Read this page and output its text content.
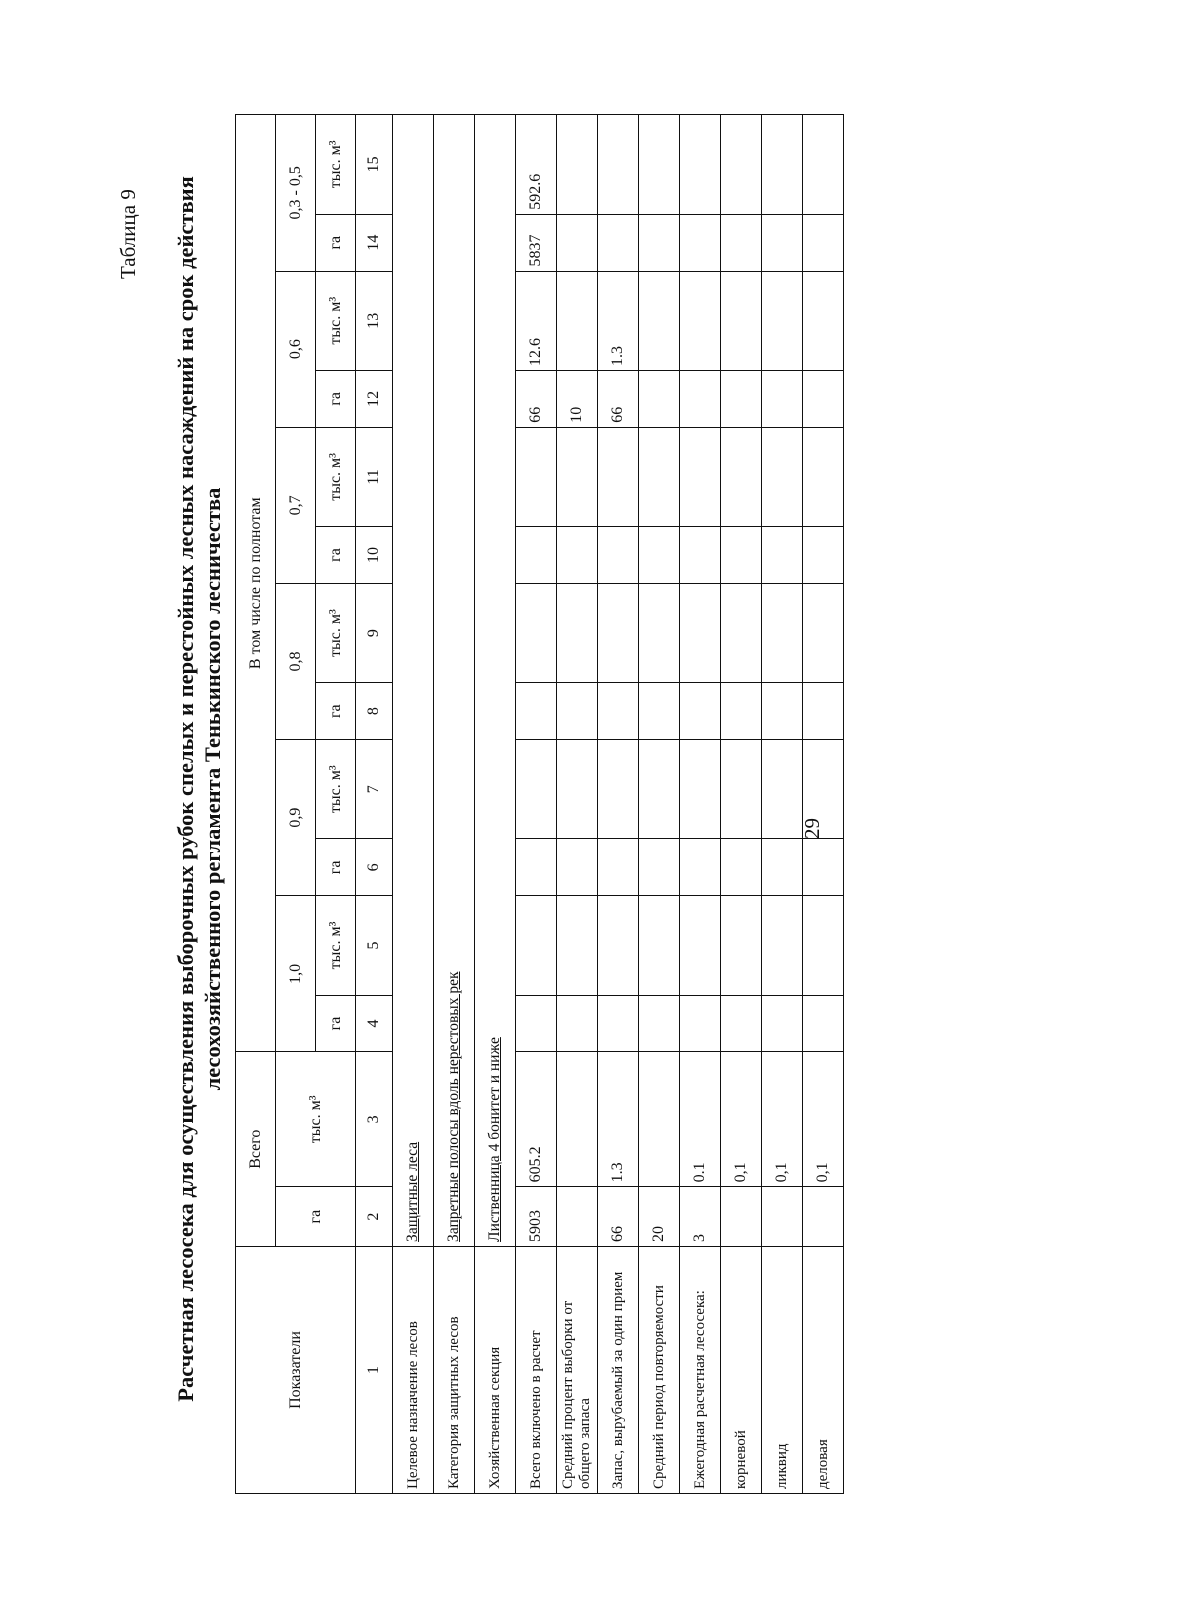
Таблица 9 Расчетная лесосека для осуществления выборочных рубок спелых и перестойных лесных насаждений на срок действия лесохозяйственного регламента Тенькинского лесничества
Показатели	Всего		В том числе по полнотам											
	га	тыс. м³	1,0		0,9		0,8		0,7		0,6		0,3 - 0,5	
			га	тыс. м³	га	тыс. м³	га	тыс. м³	га	тыс. м³	га	тыс. м³	га	тыс. м³
1	2	3	4	5	6	7	8	9	10	11	12	13	14	15
Целевое назначение лесов	Защитные леса													
Категория защитных лесов	Запретные полосы вдоль нерестовых рек													
Хозяйственная секция	Лиственница 4 бонитет и ниже													
Всего включено в расчет	5903	605.2									66	12.6	5837	592.6
Средний процент выборки от общего запаса											10			
Запас, вырубаемый за один прием	66	1.3									66	1.3		
Средний период повторяемости	20													
Ежегодная расчетная лесосека:	3	0.1												
корневой		0,1												
ликвид		0,1												
деловая		0,1												
29
